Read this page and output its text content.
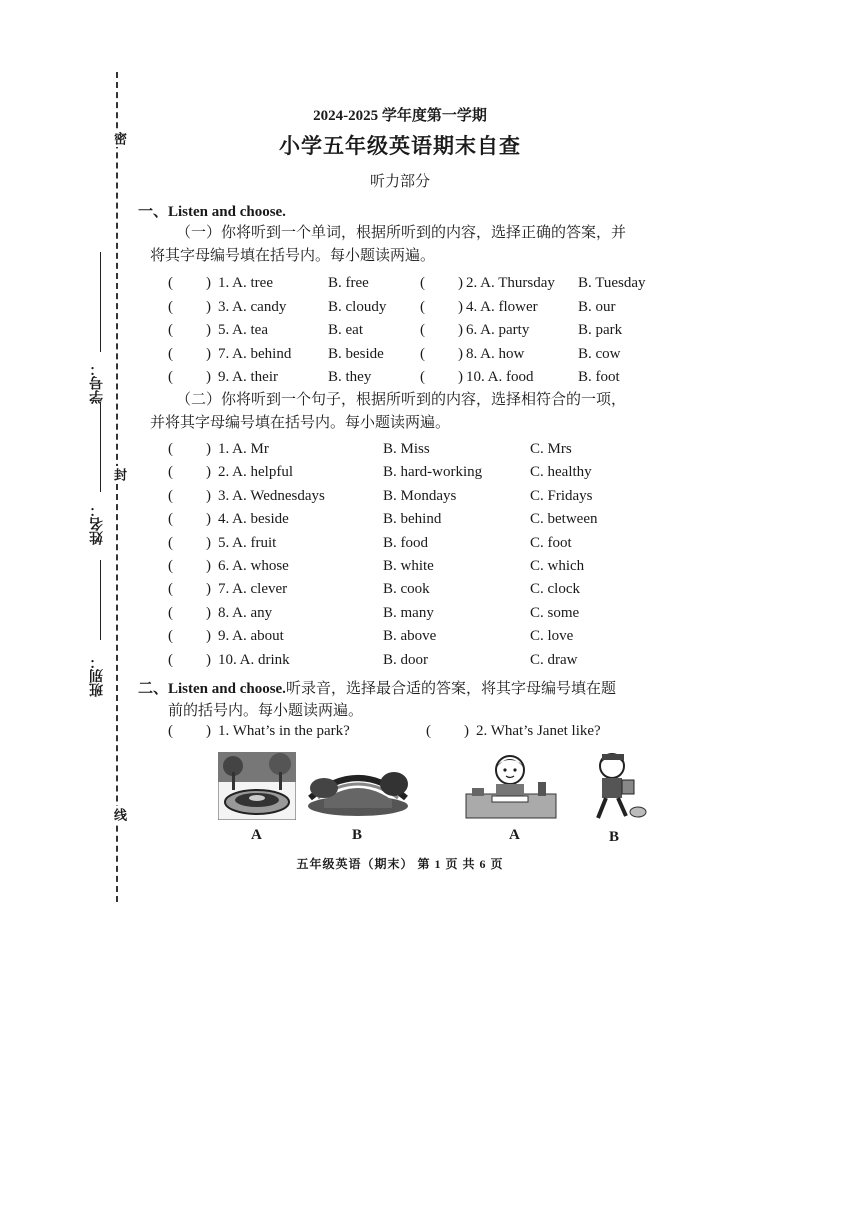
密
封
线
学号：
姓名：
班别：
2024-2025 学年度第一学期
小学五年级英语期末自查
听力部分
一、Listen and choose.
（一）你将听到一个单词，根据所听到的内容，选择正确的答案，并
将其字母编号填在括号内。每小题读两遍。
（二）你将听到一个句子，根据所听到的内容，选择相符合的一项，
并将其字母编号填在括号内。每小题读两遍。
二、Listen and choose.听录音，选择最合适的答案，将其字母编号填在题
前的括号内。每小题读两遍。
( ) 1. What’s in the park?	( ) 2. What’s Janet like?
A	B	A	B
五年级英语（期末） 第 1 页 共 6 页
( ) 1. A. tree	B. free	( ) 2. A. Thursday B. Tuesday
( ) 3. A. candy	B. cloudy ( ) 4. A. flower	B. our
( ) 5. A. tea	B. eat	( ) 6. A. party	B. park
( ) 7. A. behind B. beside ( ) 8. A. how	B. cow
( ) 9. A. their	B. they	( ) 10. A. food	B. foot
( ) 1. A. Mr	B. Miss	C. Mrs
( ) 2. A. helpful	B. hard-working	C. healthy
( ) 3. A. Wednesdays	B. Mondays	C. Fridays
( ) 4. A. beside	B. behind	C. between
( ) 5. A. fruit	B. food	C. foot
( ) 6. A. whose	B. white	C. which
( ) 7. A. clever	B. cook	C. clock
( ) 8. A. any	B. many	C. some
( ) 9. A. about	B. above	C. love
( ) 10. A. drink	B. door	C. draw
